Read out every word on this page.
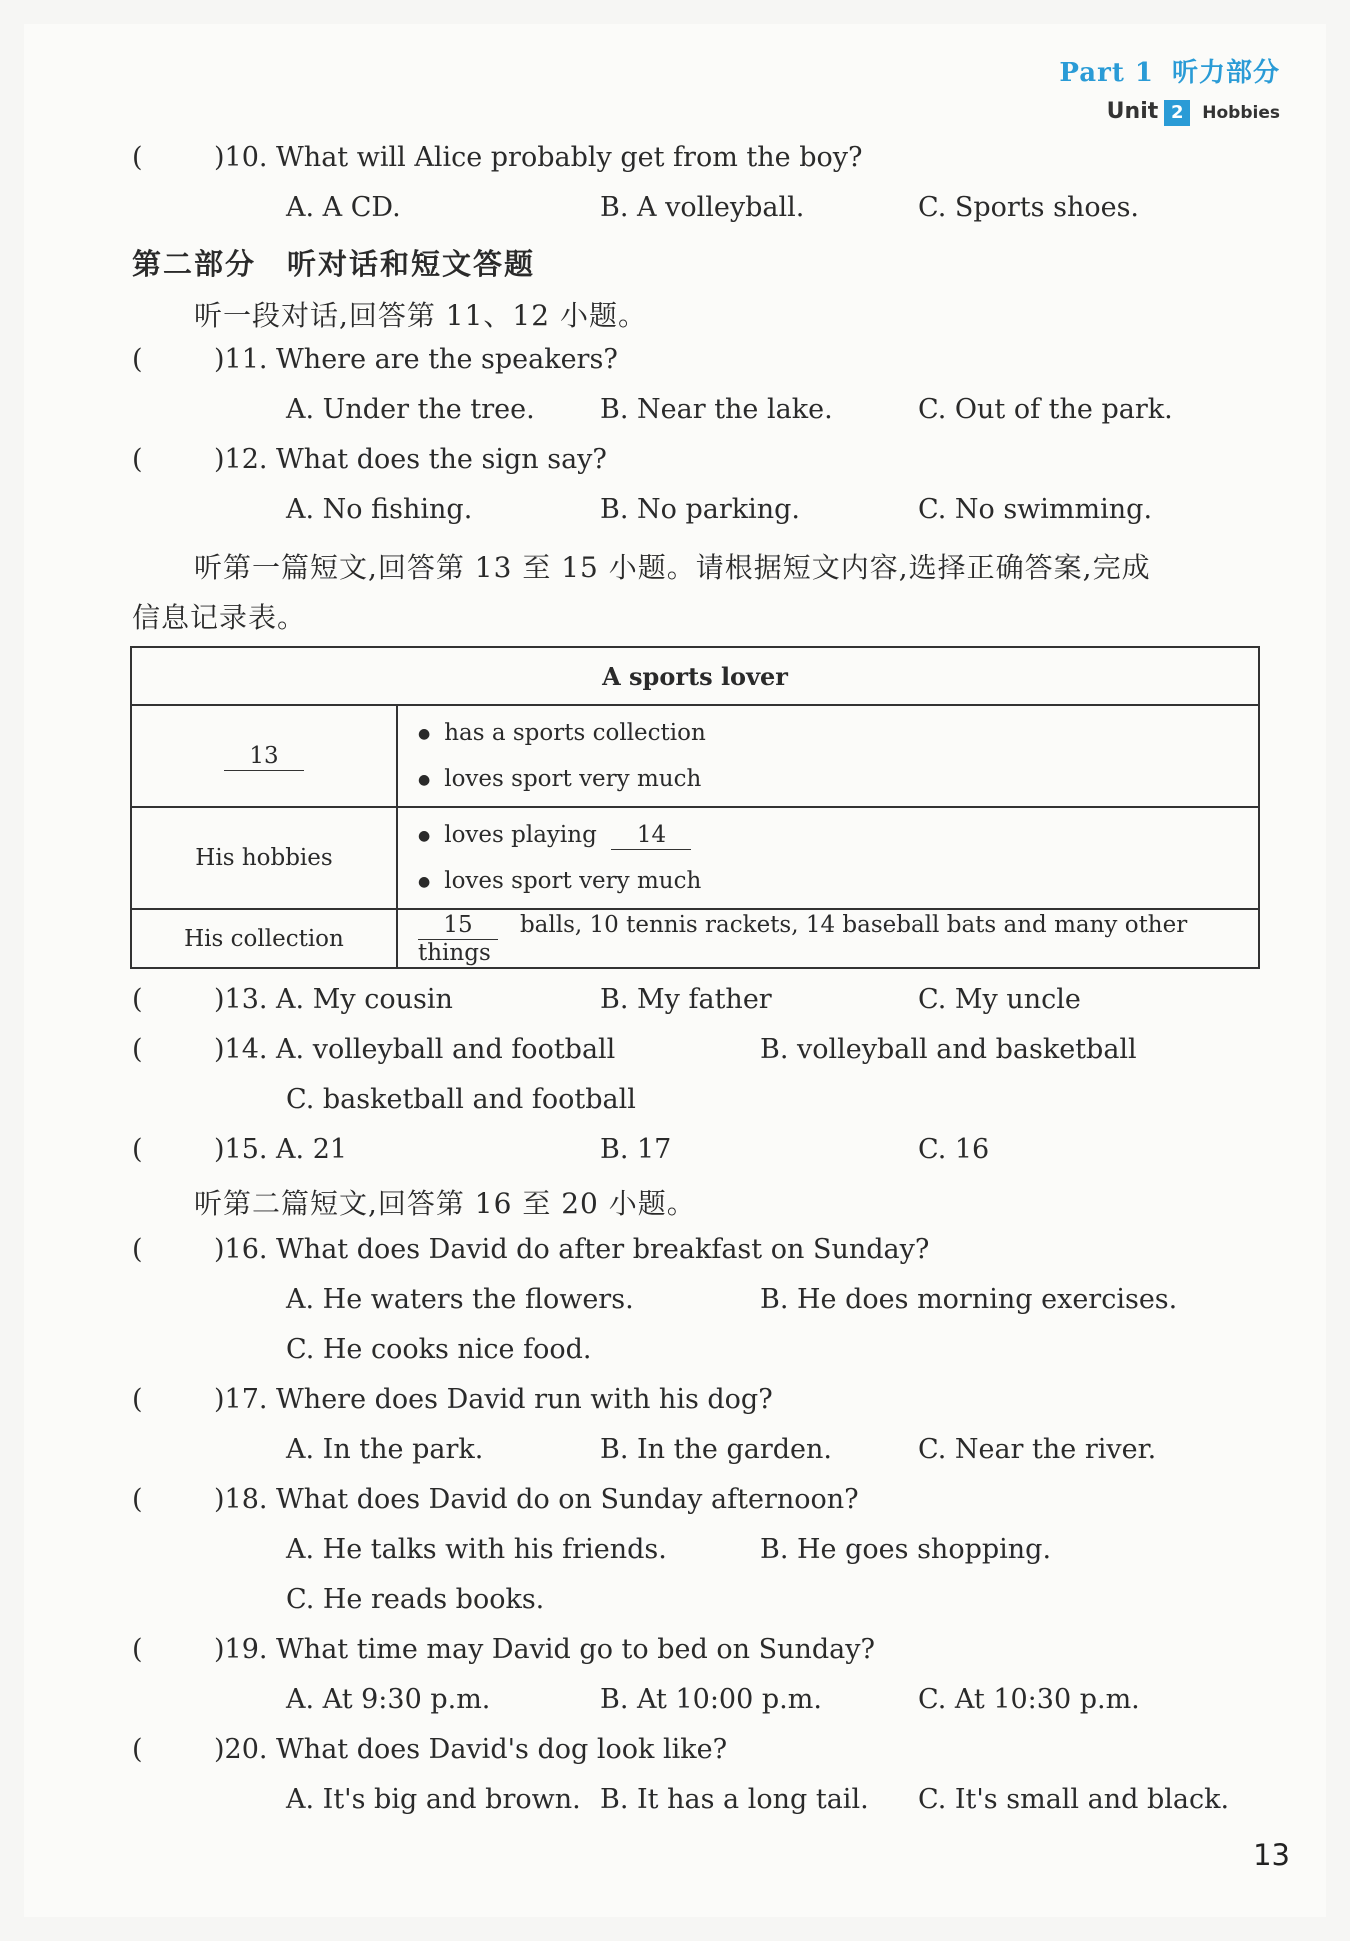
Part 1 听力部分
Unit 2 Hobbies
(	)10. What will Alice probably get from the boy?
A. A CD.	B. A volleyball.	C. Sports shoes.
第二部分　听对话和短文答题
听一段对话,回答第 11、12 小题。
(	)11. Where are the speakers?
A. Under the tree. B. Near the lake.	C. Out of the park.
(	)12. What does the sign say?
A. No fishing.	B. No parking.	C. No swimming.
听第一篇短文,回答第 13 至 15 小题。请根据短文内容,选择正确答案,完成
信息记录表。
A sports lover	
13	● has a sports collection
● loves sport very much

His hobbies	● loves playing 14
● loves sport very much

His collection	15 balls, 10 tennis rackets, 14 baseball bats and many other things
(	)13. A. My cousin	B. My father	C. My uncle
(	)14. A. volleyball and football	B. volleyball and basketball
C. basketball and football
(	)15. A. 21	B. 17	C. 16
听第二篇短文,回答第 16 至 20 小题。
(	)16. What does David do after breakfast on Sunday?
A. He waters the flowers.	B. He does morning exercises.
C. He cooks nice food.
(	)17. Where does David run with his dog?
A. In the park.	B. In the garden.	C. Near the river.
(	)18. What does David do on Sunday afternoon?
A. He talks with his friends.	B. He goes shopping.
C. He reads books.
(	)19. What time may David go to bed on Sunday?
A. At 9:30 p.m.	B. At 10:00 p.m.	C. At 10:30 p.m.
(	)20. What does David's dog look like?
A. It's big and brown. B. It has a long tail. C. It's small and black.
13
